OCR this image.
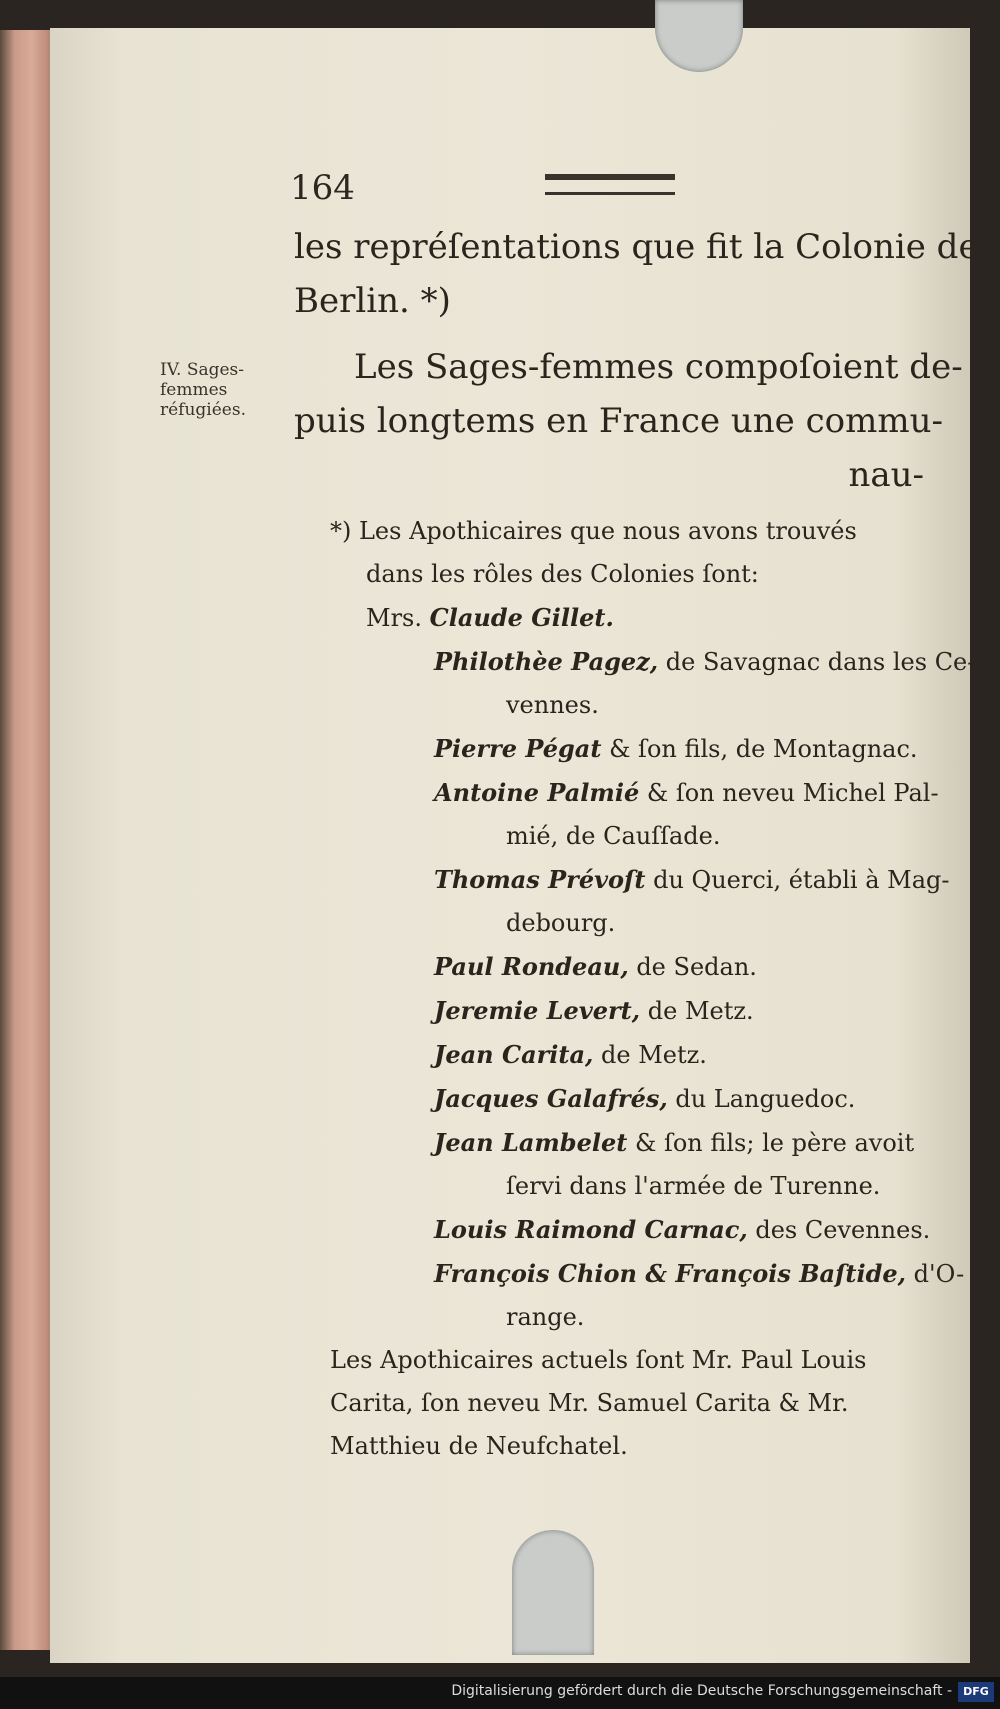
164
les repréſentations que fit la Colonie de
Berlin. *)
Les Sages-femmes compoſoient de-
puis longtems en France une commu-
nau-
IV. Sages-
femmes
réfugiées.
*) Les Apothicaires que nous avons trouvés
dans les rôles des Colonies ſont:
Mrs. Claude Gillet.
Philothèe Pagez, de Savagnac dans les Ce-
vennes.
Pierre Pégat & ſon fils, de Montagnac.
Antoine Palmié & ſon neveu Michel Pal-
mié, de Cauſſade.
Thomas Prévoſt du Querci, établi à Mag-
debourg.
Paul Rondeau, de Sedan.
Jeremie Levert, de Metz.
Jean Carita, de Metz.
Jacques Galafrés, du Languedoc.
Jean Lambelet & ſon fils; le père avoit
ſervi dans l'armée de Turenne.
Louis Raimond Carnac, des Cevennes.
François Chion & François Baſtide, d'O-
range.
Les Apothicaires actuels ſont Mr. Paul Louis
Carita, ſon neveu Mr. Samuel Carita & Mr.
Matthieu de Neufchatel.
Digitalisierung gefördert durch die Deutsche Forschungsgemeinschaft -	DFG
